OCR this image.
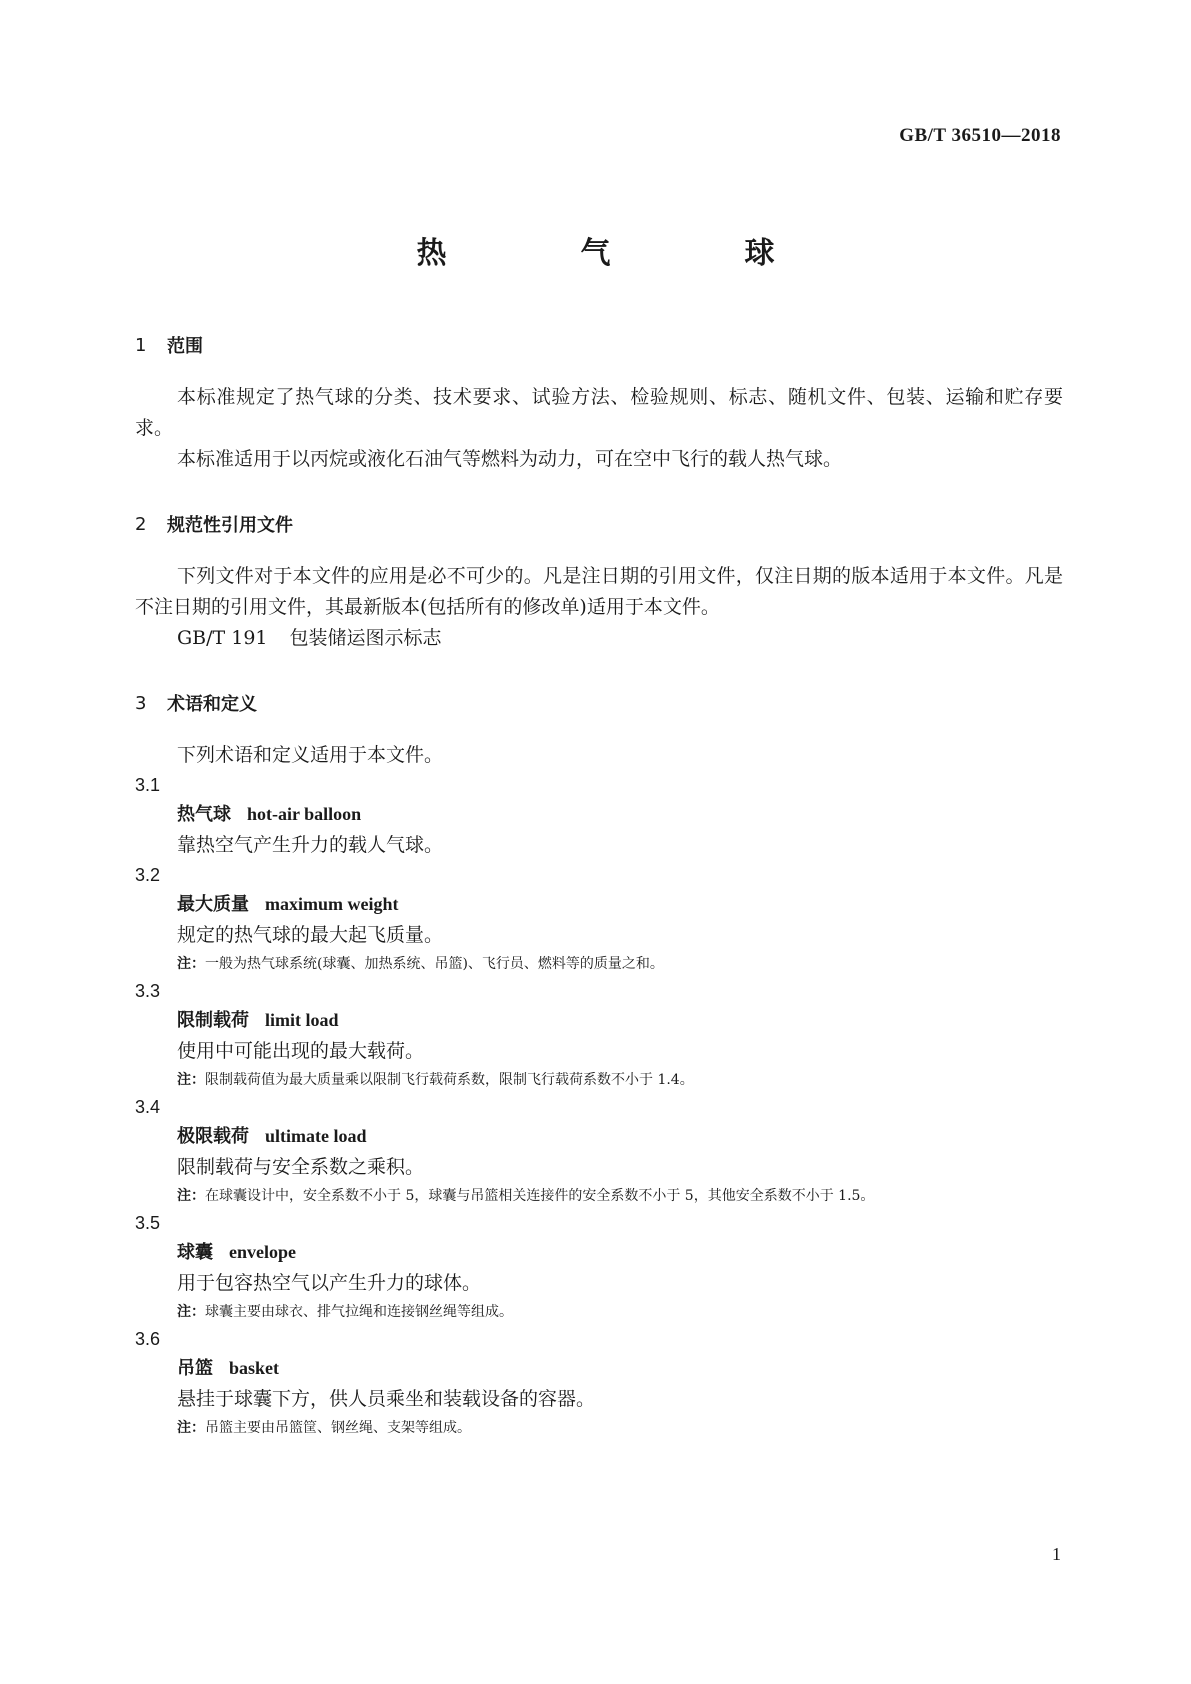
GB/T 36510—2018
热　气　球
1	范围

本标准规定了热气球的分类、技术要求、试验方法、检验规则、标志、随机文件、包装、运输和贮存要求。

本标准适用于以丙烷或液化石油气等燃料为动力，可在空中飞行的载人热气球。

2	规范性引用文件

下列文件对于本文件的应用是必不可少的。凡是注日期的引用文件，仅注日期的版本适用于本文件。凡是不注日期的引用文件，其最新版本(包括所有的修改单)适用于本文件。

GB/T 191 包装储运图示标志

3	术语和定义

下列术语和定义适用于本文件。

3.1

热气球 hot-air balloon

靠热空气产生升力的载人气球。

3.2

最大质量 maximum weight

规定的热气球的最大起飞质量。

注：一般为热气球系统(球囊、加热系统、吊篮)、飞行员、燃料等的质量之和。

3.3

限制载荷 limit load

使用中可能出现的最大载荷。

注：限制载荷值为最大质量乘以限制飞行载荷系数，限制飞行载荷系数不小于 1.4。

3.4

极限载荷 ultimate load

限制载荷与安全系数之乘积。

注：在球囊设计中，安全系数不小于 5，球囊与吊篮相关连接件的安全系数不小于 5，其他安全系数不小于 1.5。

3.5

球囊 envelope

用于包容热空气以产生升力的球体。

注：球囊主要由球衣、排气拉绳和连接钢丝绳等组成。

3.6

吊篮 basket

悬挂于球囊下方，供人员乘坐和装载设备的容器。

注：吊篮主要由吊篮筐、钢丝绳、支架等组成。

1
